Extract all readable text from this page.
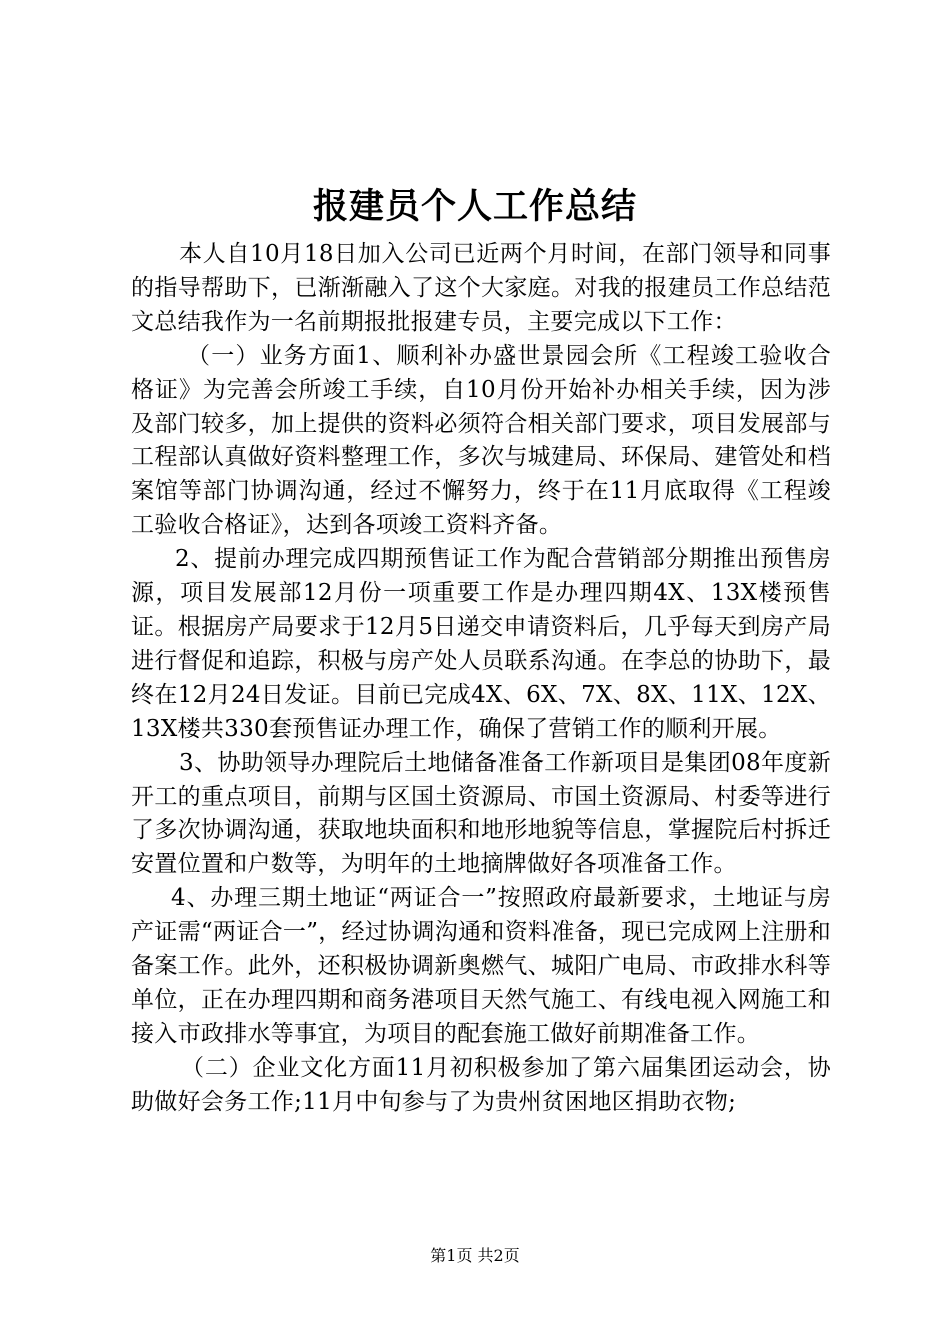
报建员个人工作总结

本人自10月18日加入公司已近两个月时间，在部门领导和同事的指导帮助下，已渐渐融入了这个大家庭。对我的报建员工作总结范文总结我作为一名前期报批报建专员，主要完成以下工作：

（一）业务方面1、顺利补办盛世景园会所《工程竣工验收合格证》为完善会所竣工手续，自10月份开始补办相关手续，因为涉及部门较多，加上提供的资料必须符合相关部门要求，项目发展部与工程部认真做好资料整理工作，多次与城建局、环保局、建管处和档案馆等部门协调沟通，经过不懈努力，终于在11月底取得《工程竣工验收合格证》，达到各项竣工资料齐备。

2、提前办理完成四期预售证工作为配合营销部分期推出预售房源，项目发展部12月份一项重要工作是办理四期4X、13X楼预售证。根据房产局要求于12月5日递交申请资料后，几乎每天到房产局进行督促和追踪，积极与房产处人员联系沟通。在李总的协助下，最终在12月24日发证。目前已完成4X、6X、7X、8X、11X、12X、13X楼共330套预售证办理工作，确保了营销工作的顺利开展。

3、协助领导办理院后土地储备准备工作新项目是集团08年度新开工的重点项目，前期与区国土资源局、市国土资源局、村委等进行了多次协调沟通，获取地块面积和地形地貌等信息，掌握院后村拆迁安置位置和户数等，为明年的土地摘牌做好各项准备工作。

4、办理三期土地证“两证合一”按照政府最新要求，土地证与房产证需“两证合一”，经过协调沟通和资料准备，现已完成网上注册和备案工作。此外，还积极协调新奥燃气、城阳广电局、市政排水科等单位，正在办理四期和商务港项目天然气施工、有线电视入网施工和接入市政排水等事宜，为项目的配套施工做好前期准备工作。

（二）企业文化方面11月初积极参加了第六届集团运动会，协助做好会务工作;11月中旬参与了为贵州贫困地区捐助衣物;

第1页 共2页
